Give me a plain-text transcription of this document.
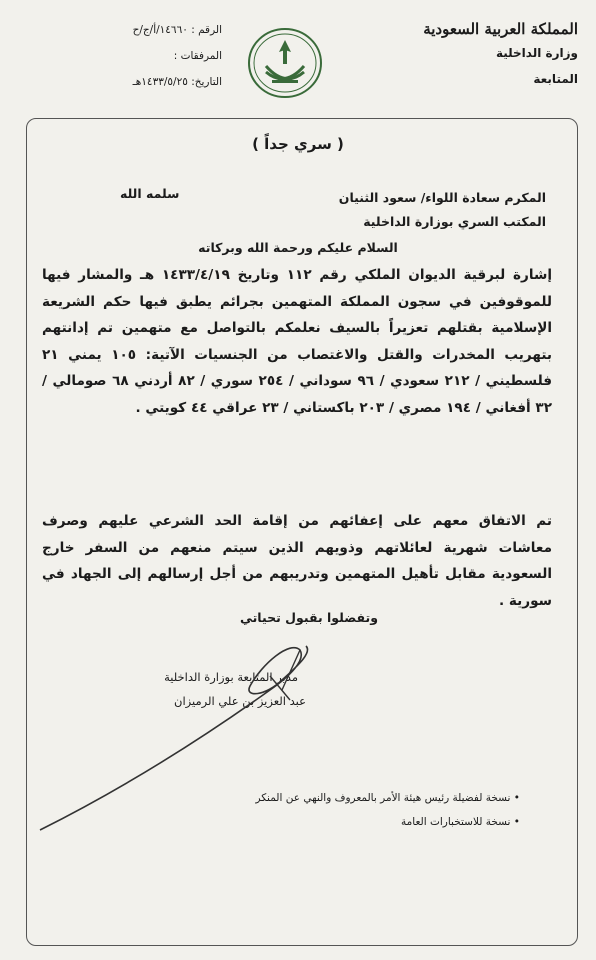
المملكة العربية السعودية
وزارة الداخلية
المتابعة
الرقم : ١٤٦٦٠/أ/ج/ح
المرفقات :
التاريخ: ١٤٣٣/٥/٢٥هـ
( سري جداً )
المكرم سعادة اللواء/ سعود الثنيان
المكتب السري بوزارة الداخلية
سلمه الله
السلام عليكم ورحمة الله وبركاته
إشارة لبرقية الديوان الملكي رقم ١١٢ وتاريخ ١٤٣٣/٤/١٩ هـ والمشار فيها للموقوفين في سجون المملكة المتهمين بجرائم يطبق فيها حكم الشريعة الإسلامية بقتلهم تعزيراً بالسيف نعلمكم بالتواصل مع متهمين تم إدانتهم بتهريب المخدرات والقتل والاغتصاب من الجنسيات الآتية: ١٠٥ يمني ٢١ فلسطيني / ٢١٢ سعودي / ٩٦ سوداني / ٢٥٤ سوري / ٨٢ أردني ٦٨ صومالي / ٣٢ أفغاني / ١٩٤ مصري / ٢٠٣ باكستاني / ٢٣ عراقي ٤٤ كويتي .
تم الاتفاق معهم على إعفائهم من إقامة الحد الشرعي عليهم وصرف معاشات شهرية لعائلاتهم وذويهم الذين سيتم منعهم من السفر خارج السعودية مقابل تأهيل المتهمين وتدريبهم من أجل إرسالهم إلى الجهاد في سورية .
وتفضلوا بقبول تحياتي
مدير المتابعة بوزارة الداخلية
عبد العزيز بن علي الرميزان
• نسخة لفضيلة رئيس هيئة الأمر بالمعروف والنهي عن المنكر
• نسخة للاستخبارات العامة
